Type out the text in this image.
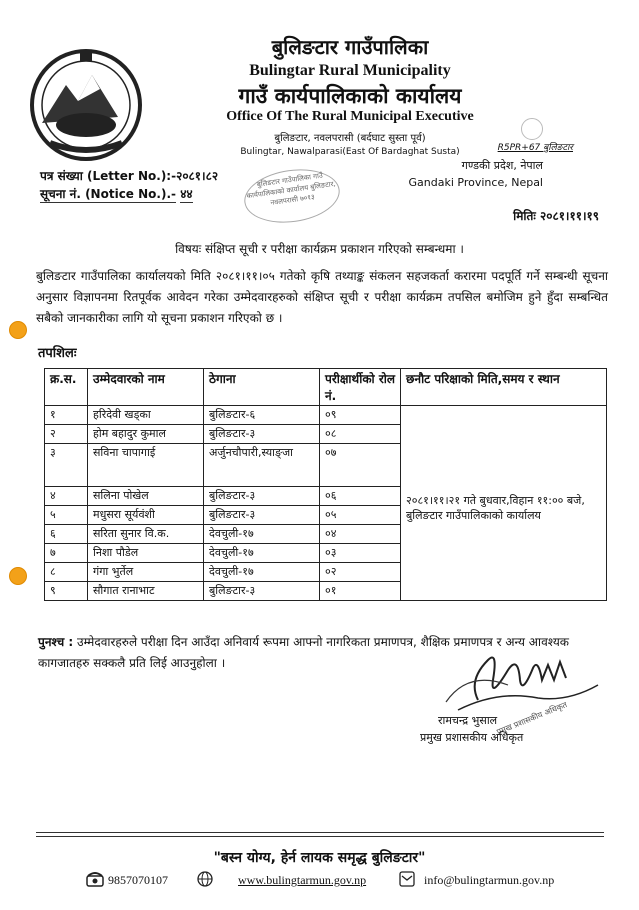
बुलिङटार गाउँपालिका
Bulingtar Rural Municipality
गाउँ कार्यपालिकाको कार्यालय
Office Of The Rural Municipal Executive
बुलिङटार, नवलपरासी (बर्दघाट सुस्ता पूर्व)
Bulingtar, Nawalparasi(East Of Bardaghat Susta)	R5PR+67 बुलिङटार
गण्डकी प्रदेश, नेपाल
Gandaki Province, Nepal
पत्र संख्या (Letter No.):-२०८१।८२
सूचना नं. (Notice No.).- ४४
बुलिङटार गाउँपालिका गाउँ कार्यपालिकाको कार्यालय बुलिङटार, नवलपरासी ७०१३
मितिः २०८१।११।१९
विषयः संक्षिप्त सूची र परीक्षा कार्यक्रम प्रकाशन गरिएको सम्बन्धमा ।
बुलिङटार गाउँपालिका कार्यालयको मिति २०८१।११।०५ गतेको कृषि तथ्याङ्क संकलन सहजकर्ता करारमा पदपूर्ति गर्ने सम्बन्धी सूचना अनुसार विज्ञापनमा रितपूर्वक आवेदन गरेका उम्मेदवारहरुको संक्षिप्त सूची र परीक्षा कार्यक्रम तपसिल बमोजिम हुने हुँदा सम्बन्धित सबैको जानकारीका लागि यो सूचना प्रकाशन गरिएको छ ।
तपशिलः
क्र.स.	उम्मेदवारको नाम	ठेगाना	परीक्षार्थीको रोल नं.	छनौट परिक्षाको मिति,समय र स्थान
१	हरिदेवी खड्का	बुलिङटार-६	०९	२०८१।११।२१ गते बुधवार,विहान ११:०० बजे, बुलिङटार गाउँपालिकाको कार्यालय
२	होम बहादुर कुमाल	बुलिङटार-३	०८	
३	सविना चापागाई	अर्जुनचौपारी,स्याङ्जा	०७	
४	सलिना पोखेल	बुलिङटार-३	०६	
५	मधुसरा सूर्यवंशी	बुलिङटार-३	०५	
६	सरिता सुनार वि.क.	देवचुली-१७	०४	
७	निशा पौडेल	देवचुली-१७	०३	
८	गंगा भुर्तेल	देवचुली-१७	०२	
९	सौगात रानाभाट	बुलिङटार-३	०१	
पुनश्च : उम्मेदवारहरुले परीक्षा दिन आउँदा अनिवार्य रूपमा आफ्नो नागरिकता प्रमाणपत्र, शैक्षिक प्रमाणपत्र र अन्य आवश्यक कागजातहरु सक्कलै प्रति लिई आउनुहोला ।
प्रमुख प्रशासकीय अधिकृत
रामचन्द्र भुसाल
प्रमुख प्रशासकीय अधिकृत
"बस्न योग्य, हेर्न लायक समृद्ध बुलिङटार"
9857070107	www.bulingtarmun.gov.np	info@bulingtarmun.gov.np
